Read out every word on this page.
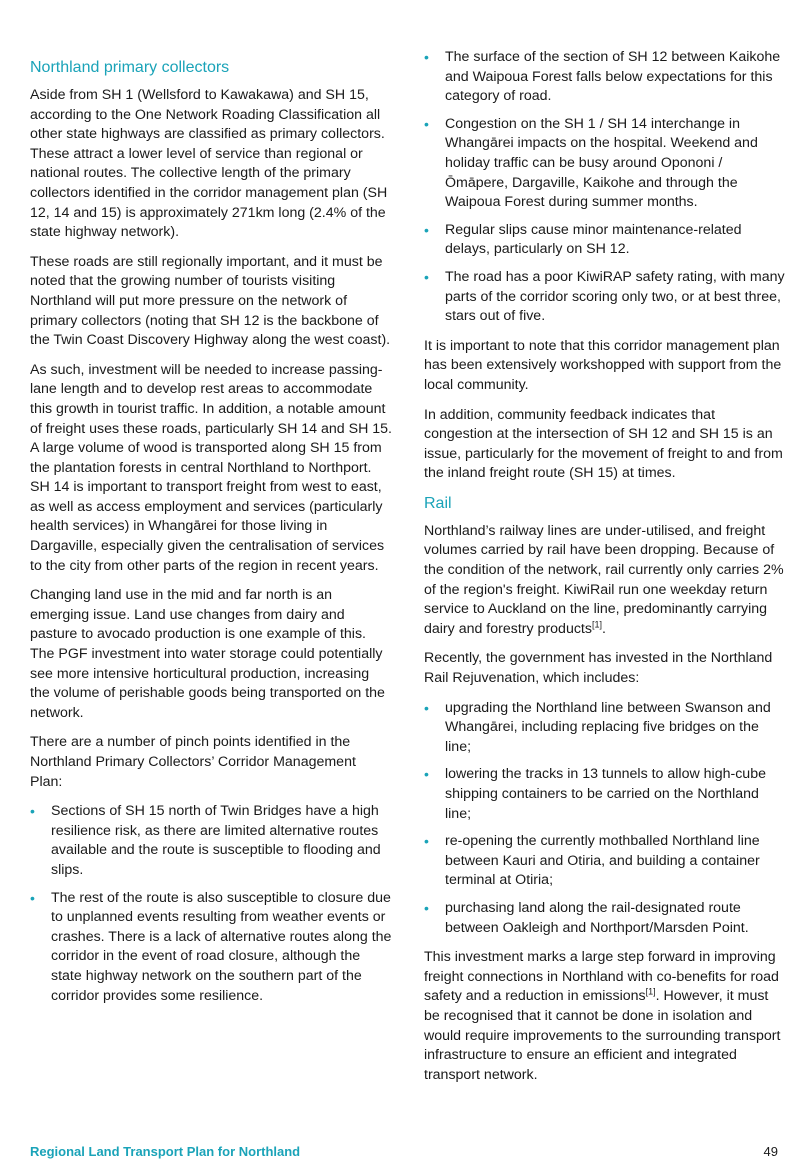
Northland primary collectors

Aside from SH 1 (Wellsford to Kawakawa) and SH 15, according to the One Network Roading Classification all other state highways are classified as primary collectors. These attract a lower level of service than regional or national routes. The collective length of the primary collectors identified in the corridor management plan (SH 12, 14 and 15) is approximately 271km long (2.4% of the state highway network).

These roads are still regionally important, and it must be noted that the growing number of tourists visiting Northland will put more pressure on the network of primary collectors (noting that SH 12 is the backbone of the Twin Coast Discovery Highway along the west coast).

As such, investment will be needed to increase passing-lane length and to develop rest areas to accommodate this growth in tourist traffic. In addition, a notable amount of freight uses these roads, particularly SH 14 and SH 15. A large volume of wood is transported along SH 15 from the plantation forests in central Northland to Northport. SH 14 is important to transport freight from west to east, as well as access employment and services (particularly health services) in Whangārei for those living in Dargaville, especially given the centralisation of services to the city from other parts of the region in recent years.

Changing land use in the mid and far north is an emerging issue. Land use changes from dairy and pasture to avocado production is one example of this. The PGF investment into water storage could potentially see more intensive horticultural production, increasing the volume of perishable goods being transported on the network.

There are a number of pinch points identified in the Northland Primary Collectors’ Corridor Management Plan:

• Sections of SH 15 north of Twin Bridges have a high resilience risk, as there are limited alternative routes available and the route is susceptible to flooding and slips.
• The rest of the route is also susceptible to closure due to unplanned events resulting from weather events or crashes. There is a lack of alternative routes along the corridor in the event of road closure, although the state highway network on the southern part of the corridor provides some resilience.
• The surface of the section of SH 12 between Kaikohe and Waipoua Forest falls below expectations for this category of road.
• Congestion on the SH 1 / SH 14 interchange in Whangārei impacts on the hospital. Weekend and holiday traffic can be busy around Opononi / Ōmāpere, Dargaville, Kaikohe and through the Waipoua Forest during summer months.
• Regular slips cause minor maintenance-related delays, particularly on SH 12.
• The road has a poor KiwiRAP safety rating, with many parts of the corridor scoring only two, or at best three, stars out of five.

It is important to note that this corridor management plan has been extensively workshopped with support from the local community.

In addition, community feedback indicates that congestion at the intersection of SH 12 and SH 15 is an issue, particularly for the movement of freight to and from the inland freight route (SH 15) at times.

Rail

Northland’s railway lines are under-utilised, and freight volumes carried by rail have been dropping. Because of the condition of the network, rail currently only carries 2% of the region's freight. KiwiRail run one weekday return service to Auckland on the line, predominantly carrying dairy and forestry products[1].

Recently, the government has invested in the Northland Rail Rejuvenation, which includes:

• upgrading the Northland line between Swanson and Whangārei, including replacing five bridges on the line;
• lowering the tracks in 13 tunnels to allow high-cube shipping containers to be carried on the Northland line;
• re-opening the currently mothballed Northland line between Kauri and Otiria, and building a container terminal at Otiria;
• purchasing land along the rail-designated route between Oakleigh and Northport/Marsden Point.

This investment marks a large step forward in improving freight connections in Northland with co-benefits for road safety and a reduction in emissions[1]. However, it must be recognised that it cannot be done in isolation and would require improvements to the surrounding transport infrastructure to ensure an efficient and integrated transport network.

Regional Land Transport Plan for Northland	49
